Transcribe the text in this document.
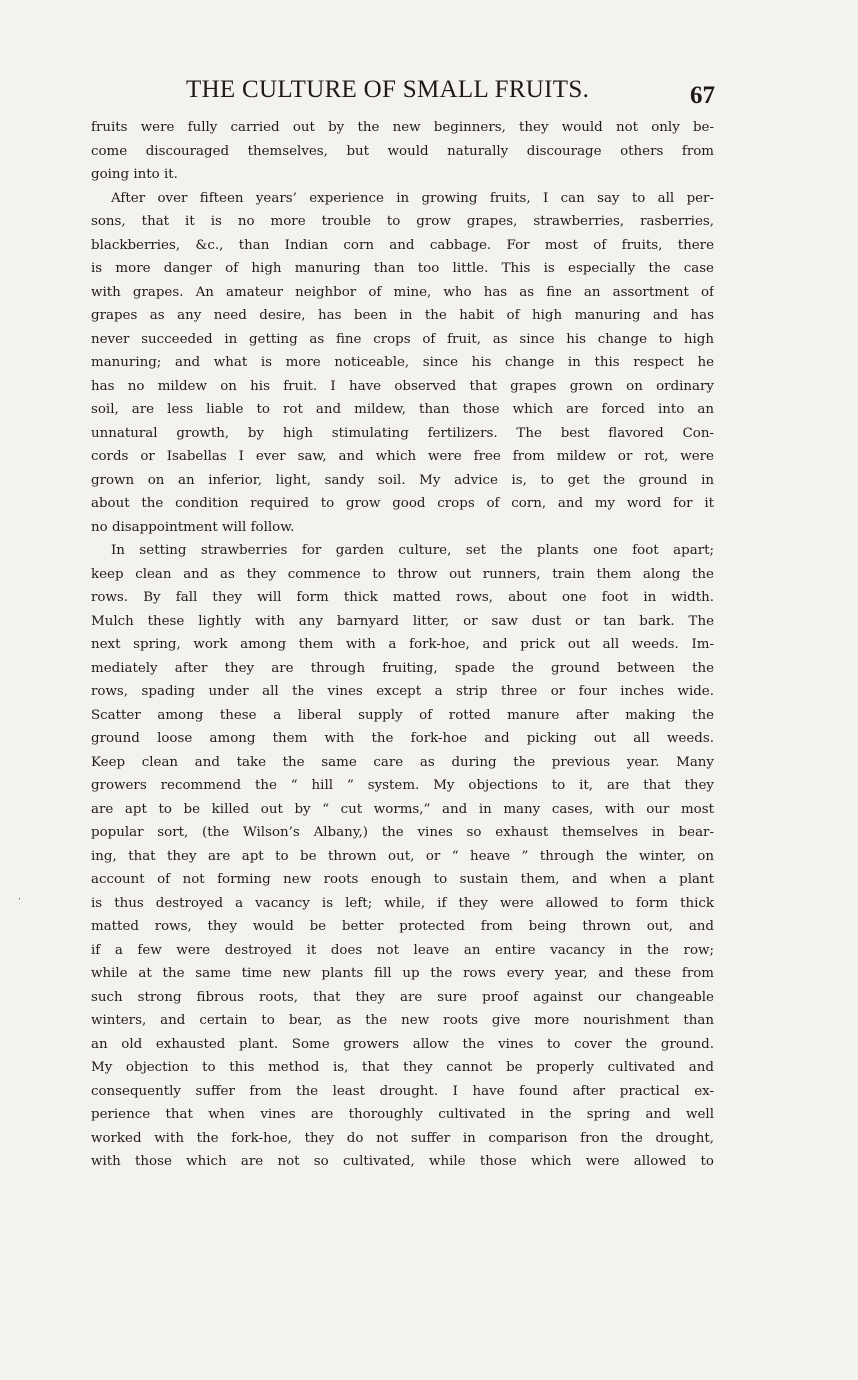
THE CULTURE OF SMALL FRUITS.	67
fruits were fully carried out by the new beginners, they would not only be-
come discouraged themselves, but would naturally discourage others from
going into it.
After over fifteen years’ experience in growing fruits, I can say to all per-
sons, that it is no more trouble to grow grapes, strawberries, rasberries,
blackberries, &c., than Indian corn and cabbage. For most of fruits, there
is more danger of high manuring than too little. This is especially the case
with grapes. An amateur neighbor of mine, who has as fine an assortment of
grapes as any need desire, has been in the habit of high manuring and has
never succeeded in getting as fine crops of fruit, as since his change to high
manuring; and what is more noticeable, since his change in this respect he
has no mildew on his fruit. I have observed that grapes grown on ordinary
soil, are less liable to rot and mildew, than those which are forced into an
unnatural growth, by high stimulating fertilizers. The best flavored Con-
cords or Isabellas I ever saw, and which were free from mildew or rot, were
grown on an inferior, light, sandy soil. My advice is, to get the ground in
about the condition required to grow good crops of corn, and my word for it
no disappointment will follow.
In setting strawberries for garden culture, set the plants one foot apart;
keep clean and as they commence to throw out runners, train them along the
rows. By fall they will form thick matted rows, about one foot in width.
Mulch these lightly with any barnyard litter, or saw dust or tan bark. The
next spring, work among them with a fork-hoe, and prick out all weeds. Im-
mediately after they are through fruiting, spade the ground between the
rows, spading under all the vines except a strip three or four inches wide.
Scatter among these a liberal supply of rotted manure after making the
ground loose among them with the fork-hoe and picking out all weeds.
Keep clean and take the same care as during the previous year. Many
growers recommend the “ hill ” system. My objections to it, are that they
are apt to be killed out by “ cut worms,” and in many cases, with our most
popular sort, (the Wilson’s Albany,) the vines so exhaust themselves in bear-
ing, that they are apt to be thrown out, or “ heave ” through the winter, on
account of not forming new roots enough to sustain them, and when a plant
is thus destroyed a vacancy is left; while, if they were allowed to form thick
matted rows, they would be better protected from being thrown out, and
if a few were destroyed it does not leave an entire vacancy in the row;
while at the same time new plants fill up the rows every year, and these from
such strong fibrous roots, that they are sure proof against our changeable
winters, and certain to bear, as the new roots give more nourishment than
an old exhausted plant. Some growers allow the vines to cover the ground.
My objection to this method is, that they cannot be properly cultivated and
consequently suffer from the least drought. I have found after practical ex-
perience that when vines are thoroughly cultivated in the spring and well
worked with the fork-hoe, they do not suffer in comparison fron the drought,
with those which are not so cultivated, while those which were allowed to
‧
